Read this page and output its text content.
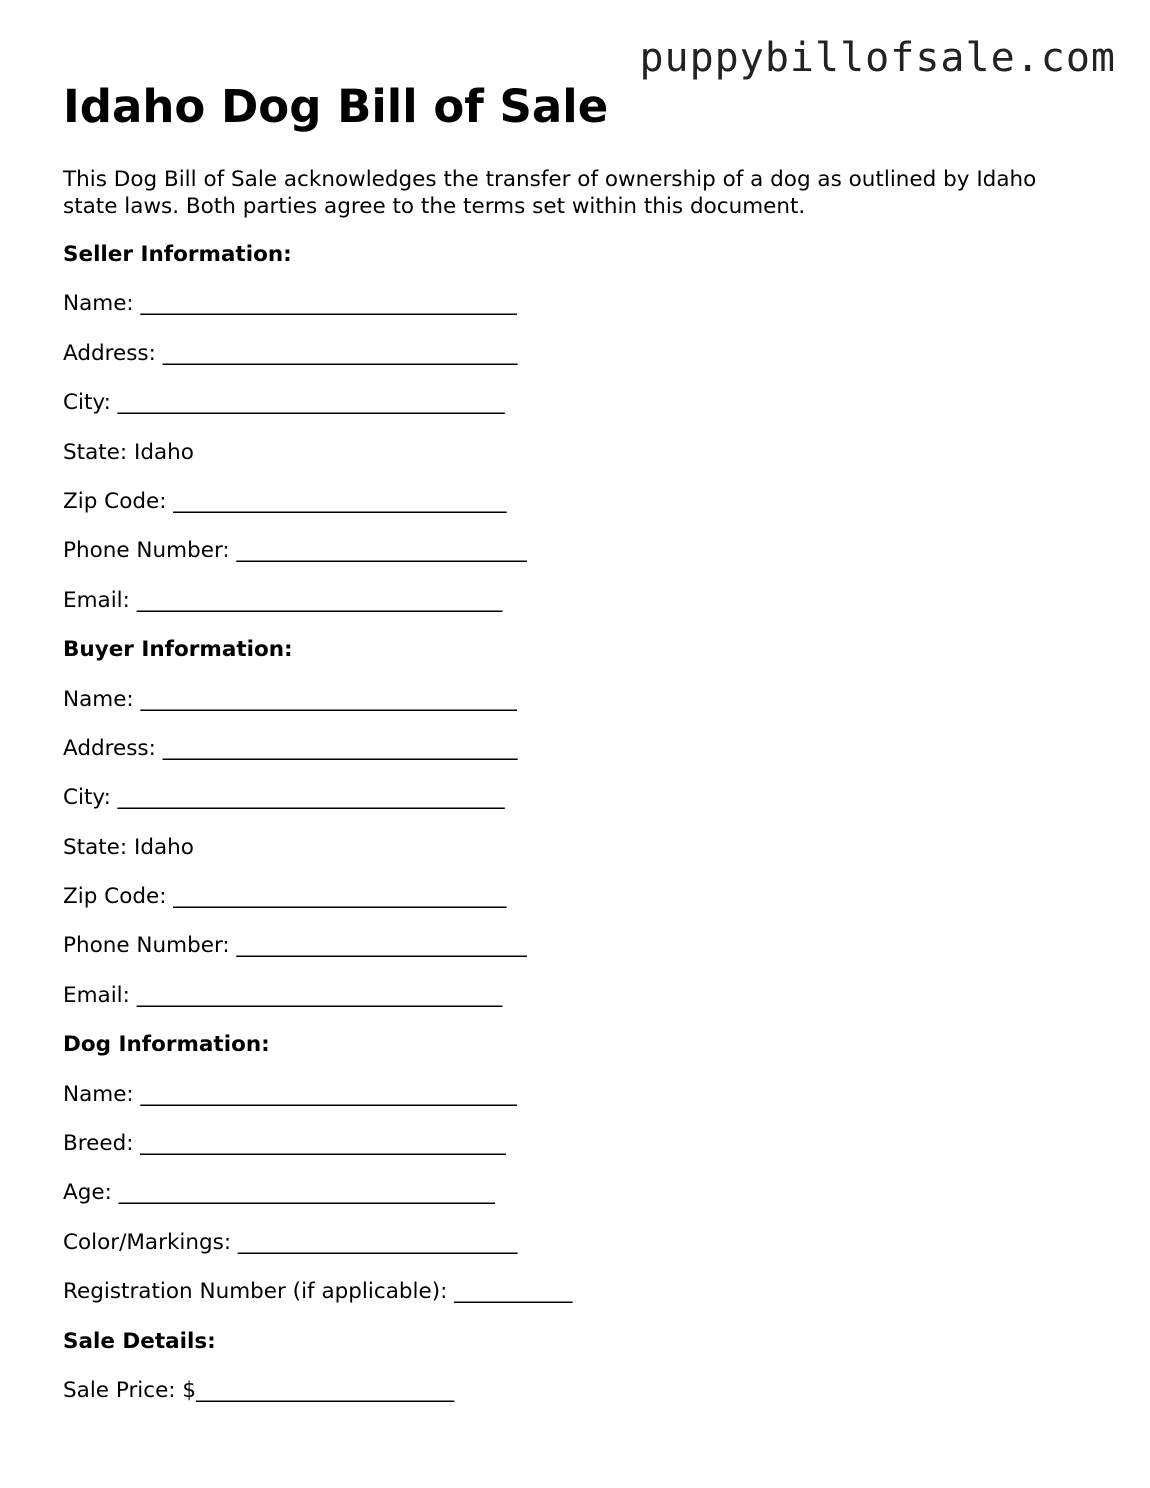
puppybillofsale.com
Idaho Dog Bill of Sale

This Dog Bill of Sale acknowledges the transfer of ownership of a dog as outlined by Idaho state laws. Both parties agree to the terms set within this document.

Seller Information:
Name: ___________________________________
Address: _________________________________
City: ____________________________________
State: Idaho
Zip Code: _______________________________
Phone Number: ___________________________
Email: __________________________________
Buyer Information:
Name: ___________________________________
Address: _________________________________
City: ____________________________________
State: Idaho
Zip Code: _______________________________
Phone Number: ___________________________
Email: __________________________________
Dog Information:
Name: ___________________________________
Breed: __________________________________
Age: ___________________________________
Color/Markings: __________________________
Registration Number (if applicable): ___________
Sale Details:
Sale Price: $________________________
